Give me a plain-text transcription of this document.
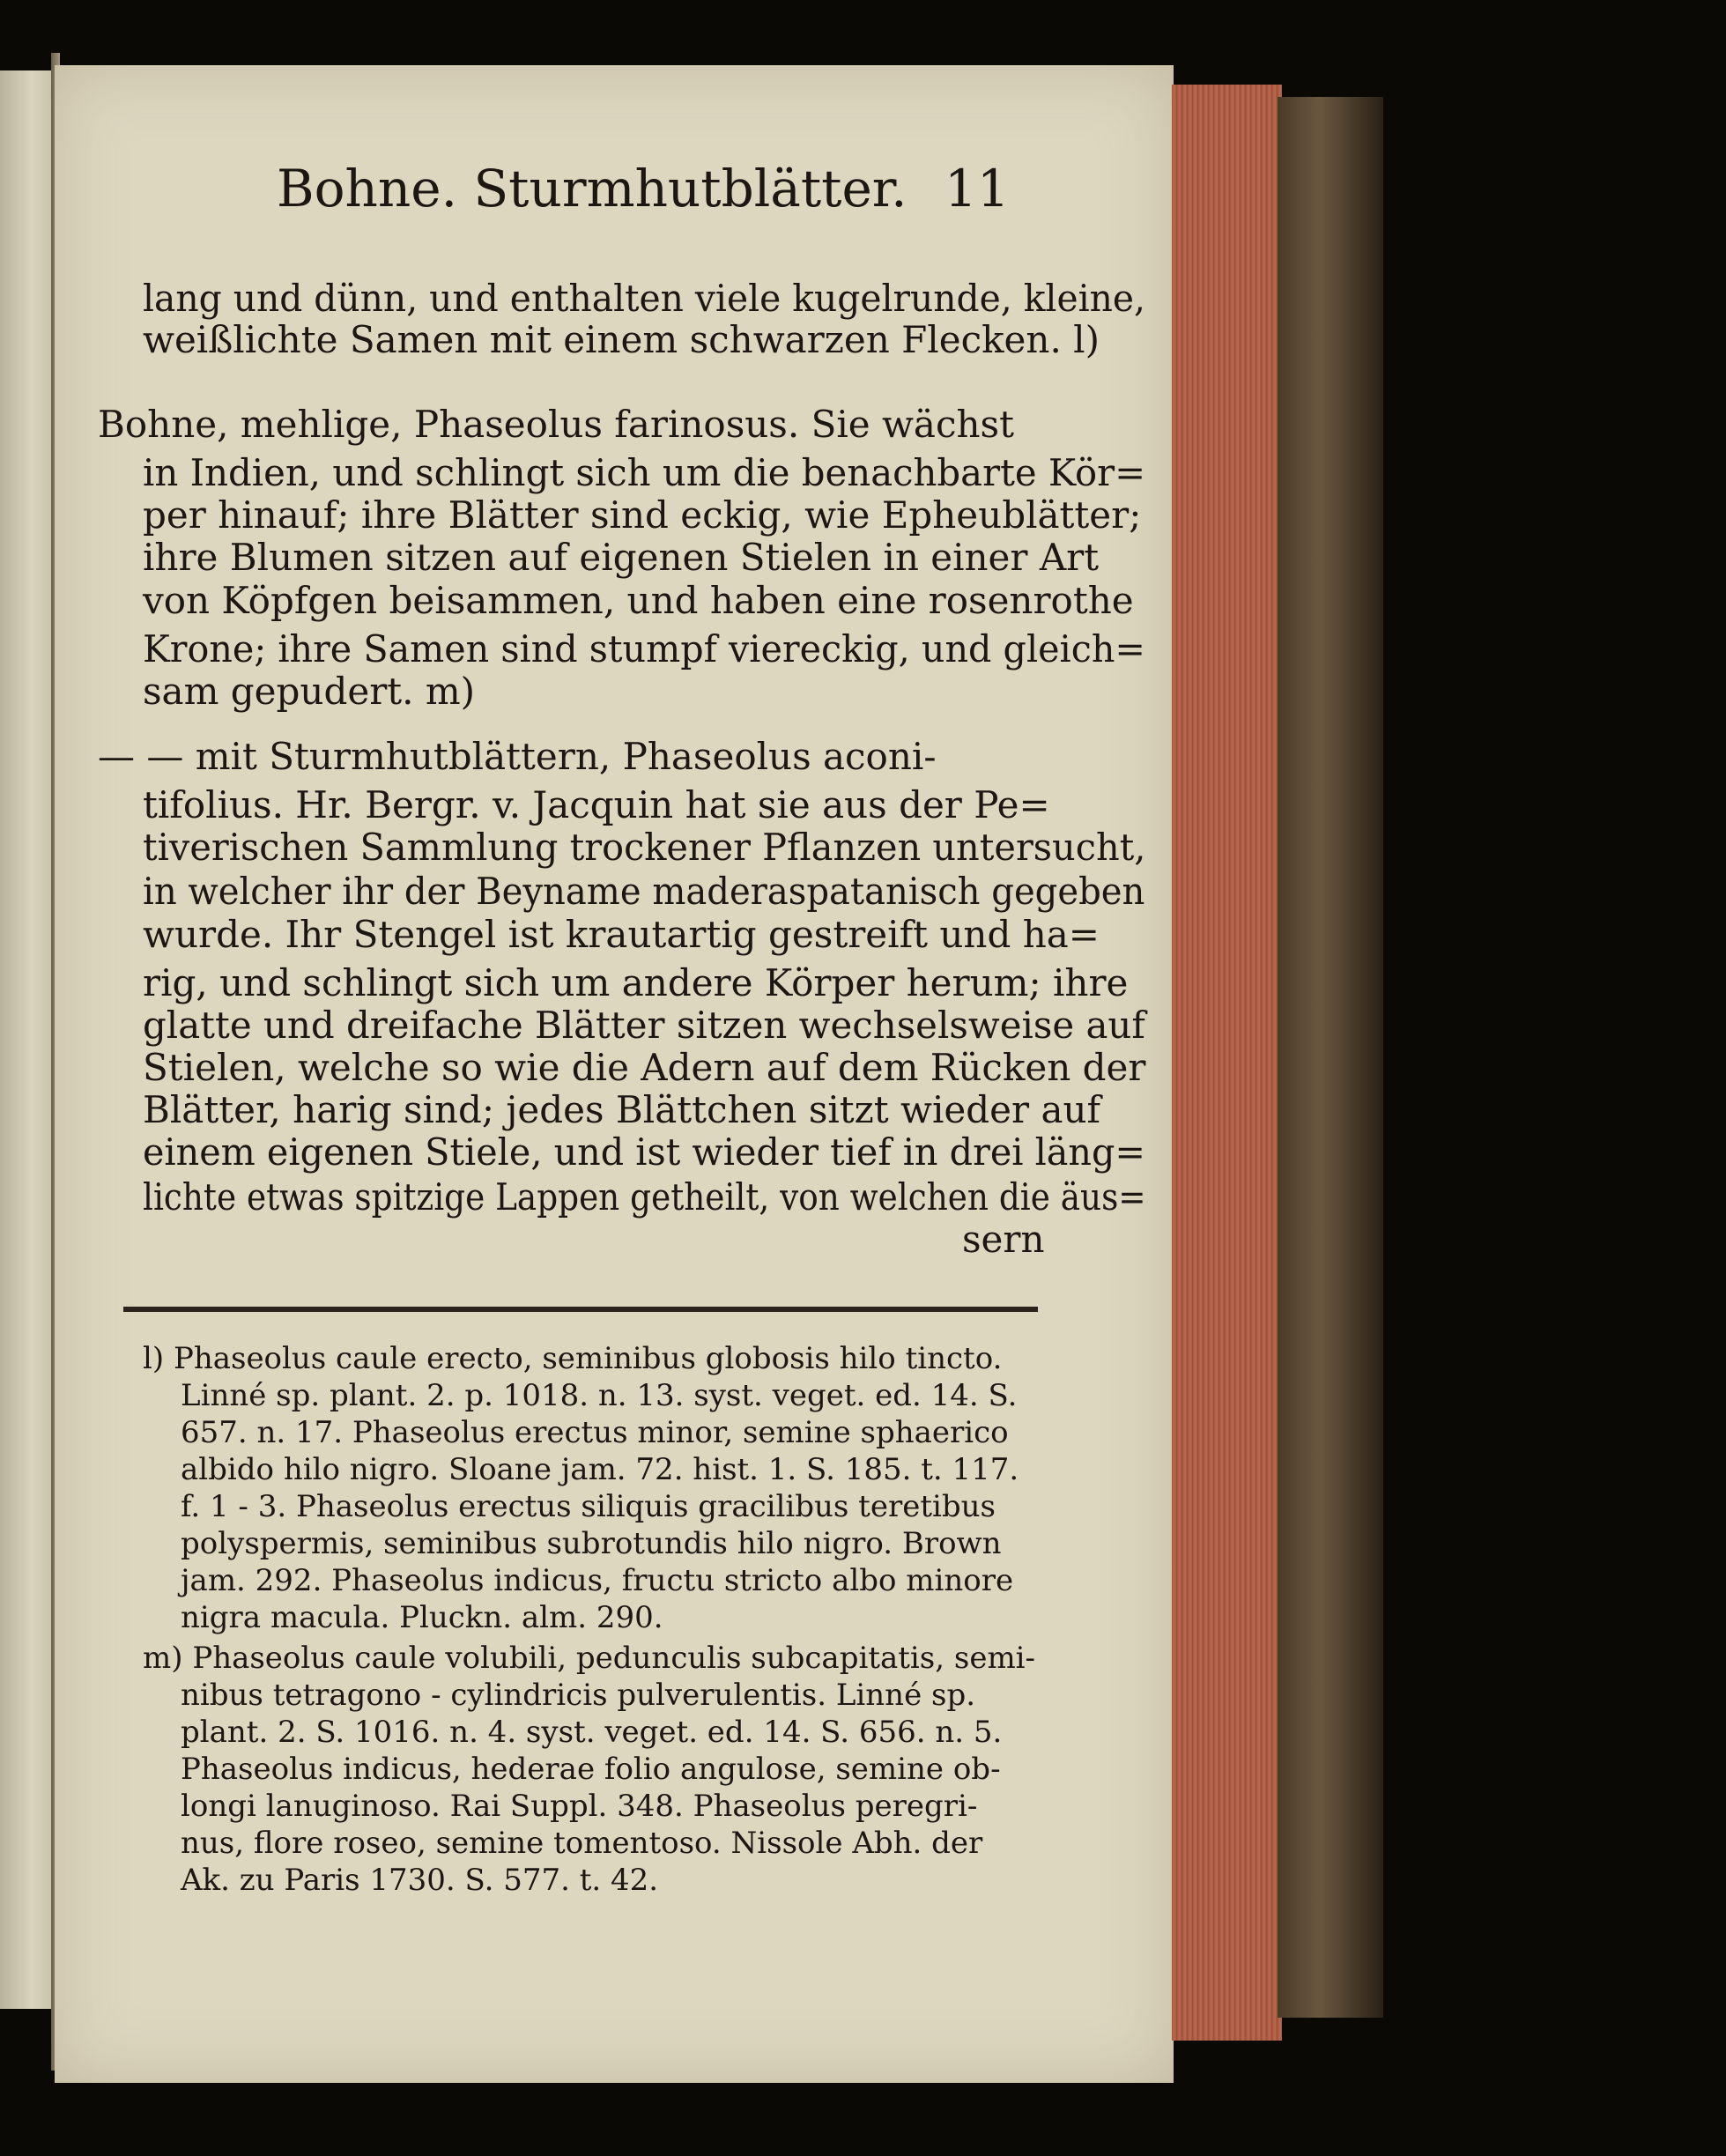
Bohne. Sturmhutblätter. 11
lang und dünn, und enthalten viele kugelrunde, kleine,
weißlichte Samen mit einem schwarzen Flecken. l)
Bohne, mehlige, Phaseolus farinosus. Sie wächst
in Indien, und schlingt sich um die benachbarte Kör=
per hinauf; ihre Blätter sind eckig, wie Epheublätter;
ihre Blumen sitzen auf eigenen Stielen in einer Art
von Köpfgen beisammen, und haben eine rosenrothe
Krone; ihre Samen sind stumpf viereckig, und gleich=
sam gepudert. m)
— — mit Sturmhutblättern, Phaseolus aconi-
tifolius. Hr. Bergr. v. Jacquin hat sie aus der Pe=
tiverischen Sammlung trockener Pflanzen untersucht,
in welcher ihr der Beyname maderaspatanisch gegeben
wurde. Ihr Stengel ist krautartig gestreift und ha=
rig, und schlingt sich um andere Körper herum; ihre
glatte und dreifache Blätter sitzen wechselsweise auf
Stielen, welche so wie die Adern auf dem Rücken der
Blätter, harig sind; jedes Blättchen sitzt wieder auf
einem eigenen Stiele, und ist wieder tief in drei läng=
lichte etwas spitzige Lappen getheilt, von welchen die äus=
sern
l) Phaseolus caule erecto, seminibus globosis hilo tincto.
Linné sp. plant. 2. p. 1018. n. 13. syst. veget. ed. 14. S.
657. n. 17. Phaseolus erectus minor, semine sphaerico
albido hilo nigro. Sloane jam. 72. hist. 1. S. 185. t. 117.
f. 1 - 3. Phaseolus erectus siliquis gracilibus teretibus
polyspermis, seminibus subrotundis hilo nigro. Brown
jam. 292. Phaseolus indicus, fructu stricto albo minore
nigra macula. Pluckn. alm. 290.
m) Phaseolus caule volubili, pedunculis subcapitatis, semi-
nibus tetragono - cylindricis pulverulentis. Linné sp.
plant. 2. S. 1016. n. 4. syst. veget. ed. 14. S. 656. n. 5.
Phaseolus indicus, hederae folio angulose, semine ob-
longi lanuginoso. Rai Suppl. 348. Phaseolus peregri-
nus, flore roseo, semine tomentoso. Nissole Abh. der
Ak. zu Paris 1730. S. 577. t. 42.
